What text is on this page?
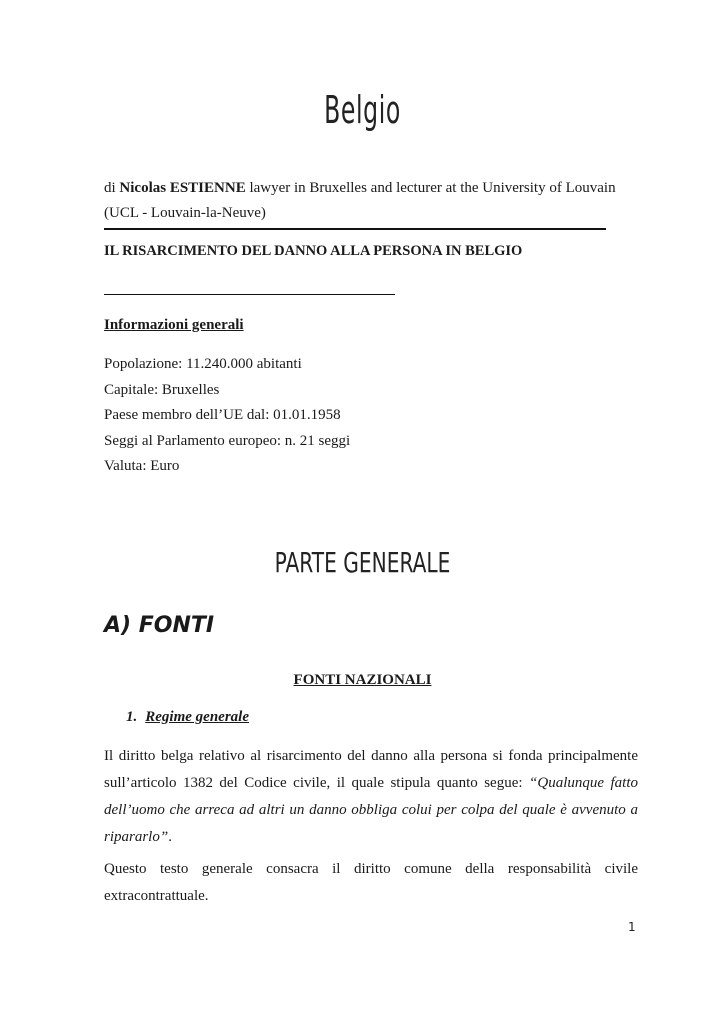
Belgio
di Nicolas ESTIENNE lawyer in Bruxelles and lecturer at the University of Louvain
(UCL - Louvain-la-Neuve)
IL RISARCIMENTO DEL DANNO ALLA PERSONA IN BELGIO
Informazioni generali
Popolazione: 11.240.000 abitanti
Capitale: Bruxelles
Paese membro dell’UE dal: 01.01.1958
Seggi al Parlamento europeo: n. 21 seggi
Valuta: Euro
PARTE GENERALE
A) FONTI
FONTI NAZIONALI
1. Regime generale
Il diritto belga relativo al risarcimento del danno alla persona si fonda principalmente sull’articolo 1382 del Codice civile, il quale stipula quanto segue: “Qualunque fatto dell’uomo che arreca ad altri un danno obbliga colui per colpa del quale è avvenuto a ripararlo”.
Questo testo generale consacra il diritto comune della responsabilità civile extracontrattuale.
1
